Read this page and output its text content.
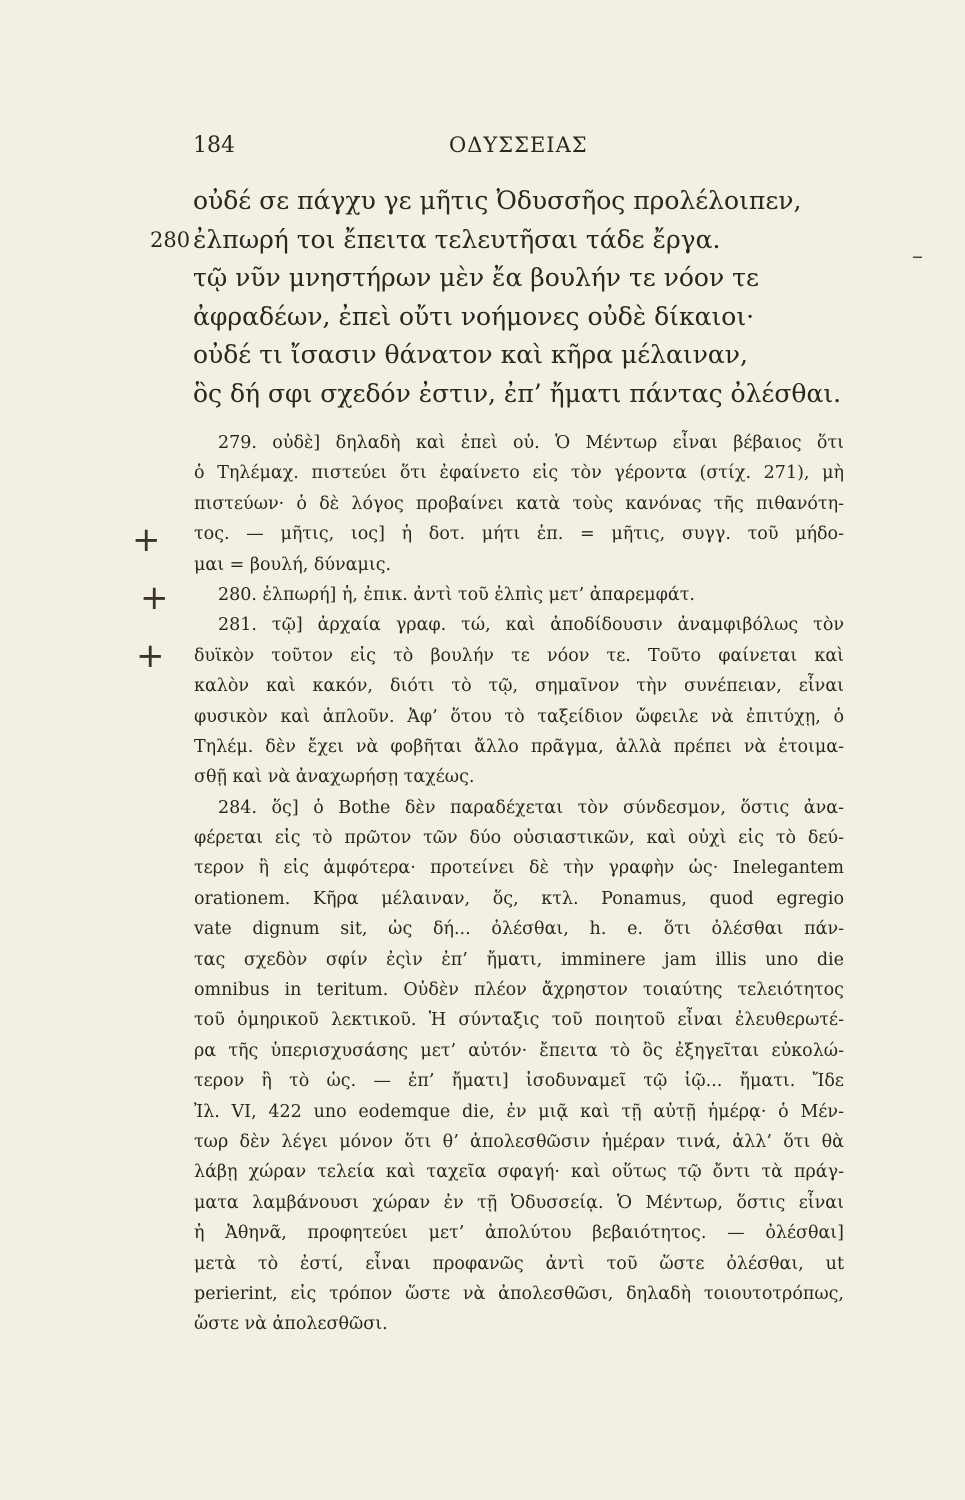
184	ΟΔΥΣΣΕΙΑΣ
οὐδέ σε πάγχυ γε μῆτις Ὀδυσσῆος προλέλοιπεν,
280 ἐλπωρή τοι ἔπειτα τελευτῆσαι τάδε ἔργα.
τῷ νῦν μνηστήρων μὲν ἔα βουλήν τε νόον τε
ἀφραδέων, ἐπεὶ οὔτι νοήμονες οὐδὲ δίκαιοι·
οὐδέ τι ἴσασιν θάνατον καὶ κῆρα μέλαιναν,
ὃς δή σφι σχεδόν ἐστιν, ἐπ’ ἤματι πάντας ὀλέσθαι.
279. οὐδὲ] δηλαδὴ καὶ ἐπεὶ οὐ. Ὁ Μέντωρ εἶναι βέβαιος ὅτι
ὁ Τηλέμαχ. πιστεύει ὅτι ἐφαίνετο εἰς τὸν γέροντα (στίχ. 271), μὴ
πιστεύων· ὁ δὲ λόγος προβαίνει κατὰ τοὺς κανόνας τῆς πιθανότη-
τος. — μῆτις, ιος] ἡ δοτ. μήτι ἐπ. = μῆτις, συγγ. τοῦ μήδο-
μαι = βουλή, δύναμις.
280. ἐλπωρή] ἡ, ἐπικ. ἀντὶ τοῦ ἐλπὶς μετ’ ἀπαρεμφάτ.
281. τῷ] ἀρχαία γραφ. τώ, καὶ ἀποδίδουσιν ἀναμφιβόλως τὸν
δυϊκὸν τοῦτον εἰς τὸ βουλήν τε νόον τε. Τοῦτο φαίνεται καὶ
καλὸν καὶ κακόν, διότι τὸ τῷ, σημαῖνον τὴν συνέπειαν, εἶναι
φυσικὸν καὶ ἁπλοῦν. Ἀφ’ ὅτου τὸ ταξείδιον ὤφειλε νὰ ἐπιτύχῃ, ὁ
Τηλέμ. δὲν ἔχει νὰ φοβῆται ἄλλο πρᾶγμα, ἀλλὰ πρέπει νὰ ἑτοιμα-
σθῇ καὶ νὰ ἀναχωρήσῃ ταχέως.
284. ὅς] ὁ Bothe δὲν παραδέχεται τὸν σύνδεσμον, ὅστις ἀνα-
φέρεται εἰς τὸ πρῶτον τῶν δύο οὐσιαστικῶν, καὶ οὐχὶ εἰς τὸ δεύ-
τερον ἢ εἰς ἀμφότερα· προτείνει δὲ τὴν γραφὴν ὡς· Inelegantem
orationem. Κῆρα μέλαιναν, ὅς, κτλ. Ponamus, quod egregio
vate dignum sit, ὡς δή... ὀλέσθαι, h. e. ὅτι ὀλέσθαι πάν-
τας σχεδὸν σφίν ἐςὶν ἐπ’ ἤματι, imminere jam illis uno die
omnibus in teritum. Οὐδὲν πλέον ἄχρηστον τοιαύτης τελειότητος
τοῦ ὁμηρικοῦ λεκτικοῦ. Ἡ σύνταξις τοῦ ποιητοῦ εἶναι ἐλευθερωτέ-
ρα τῆς ὑπερισχυσάσης μετ’ αὐτόν· ἔπειτα τὸ ὃς ἐξηγεῖται εὐκολώ-
τερον ἢ τὸ ὡς. — ἐπ’ ἤματι] ἰσοδυναμεῖ τῷ ἰῷ... ἤματι. Ἴδε
Ἰλ. VI, 422 uno eodemque die, ἐν μιᾷ καὶ τῇ αὐτῇ ἡμέρᾳ· ὁ Μέν-
τωρ δὲν λέγει μόνον ὅτι θ’ ἀπολεσθῶσιν ἡμέραν τινά, ἀλλ’ ὅτι θὰ
λάβῃ χώραν τελεία καὶ ταχεῖα σφαγή· καὶ οὕτως τῷ ὄντι τὰ πράγ-
ματα λαμβάνουσι χώραν ἐν τῇ Ὀδυσσείᾳ. Ὁ Μέντωρ, ὅστις εἶναι
ἡ Ἀθηνᾶ, προφητεύει μετ’ ἀπολύτου βεβαιότητος. — ὀλέσθαι]
μετὰ τὸ ἐστί, εἶναι προφανῶς ἀντὶ τοῦ ὥστε ὀλέσθαι, ut
perierint, εἰς τρόπον ὥστε νὰ ἀπολεσθῶσι, δηλαδὴ τοιουτοτρόπως,
ὥστε νὰ ἀπολεσθῶσι.
+
+
+
–
